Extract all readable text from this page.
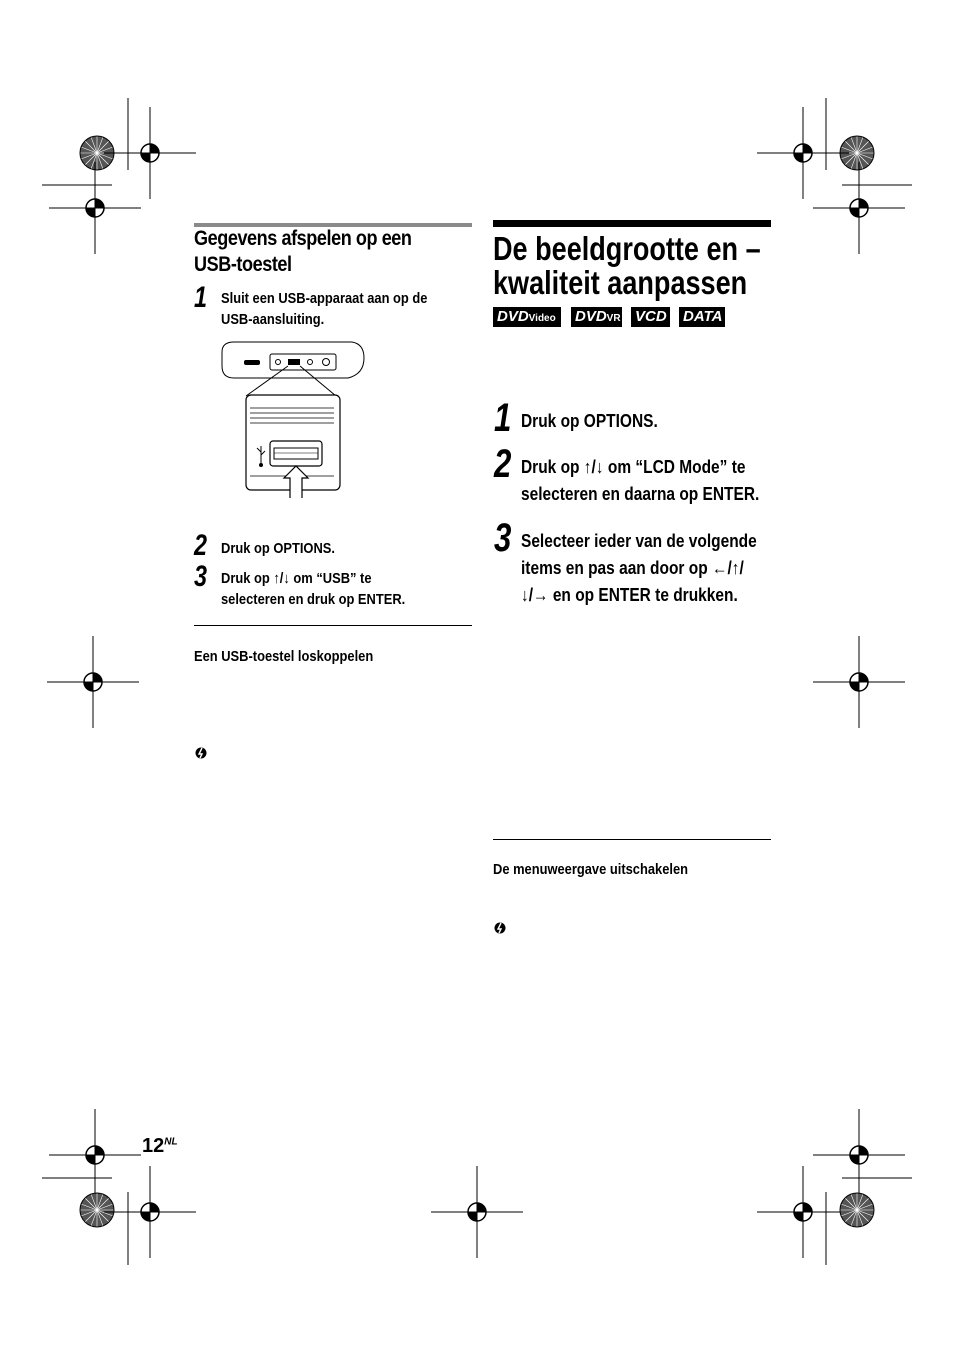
Gegevens afspelen op een
USB-toestel
1 Sluit een USB-apparaat aan op de
USB-aansluiting.
2 Druk op OPTIONS.
3 Druk op ↑/↓ om “USB” te
selecteren en druk op ENTER.
Een USB-toestel loskoppelen
De beeldgrootte en –
kwaliteit aanpassen
DVDVideo	DVDVR VCD DATA
1 Druk op OPTIONS.
2 Druk op ↑/↓ om “LCD Mode” te
selecteren en daarna op ENTER.
3 Selecteer ieder van de volgende
items en pas aan door op ←/↑/
↓/→ en op ENTER te drukken.
De menuweergave uitschakelen
$12^{NL}$
